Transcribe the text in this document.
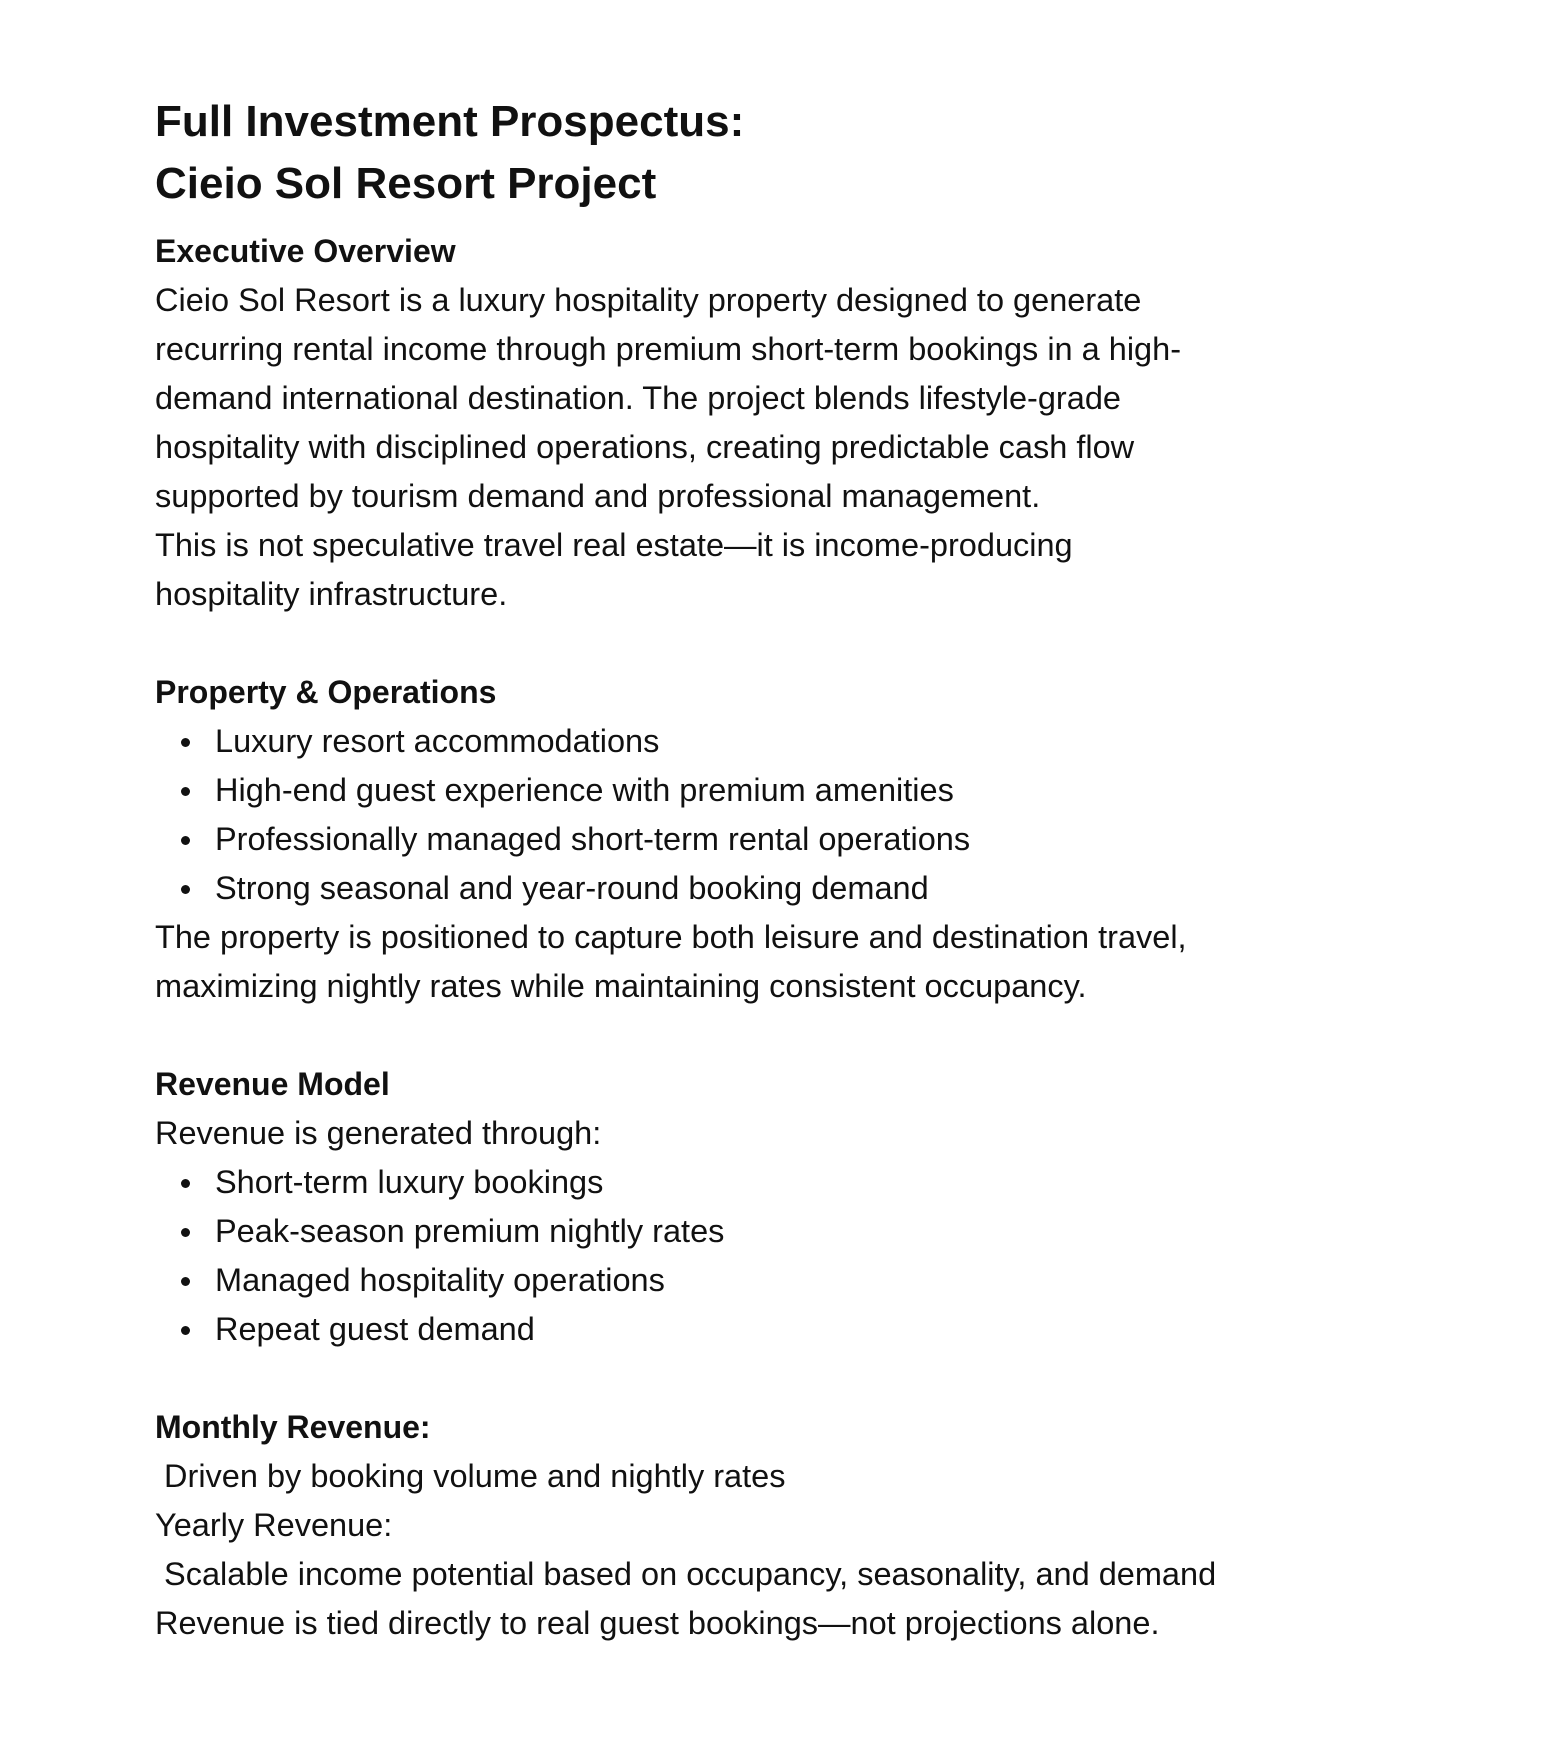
Full Investment Prospectus:
Cieio Sol Resort Project
Executive Overview
Cieio Sol Resort is a luxury hospitality property designed to generate
recurring rental income through premium short-term bookings in a high-
demand international destination. The project blends lifestyle-grade
hospitality with disciplined operations, creating predictable cash flow
supported by tourism demand and professional management.
This is not speculative travel real estate—it is income-producing
hospitality infrastructure.
Property & Operations
Luxury resort accommodations
High-end guest experience with premium amenities
Professionally managed short-term rental operations
Strong seasonal and year-round booking demand
The property is positioned to capture both leisure and destination travel,
maximizing nightly rates while maintaining consistent occupancy.
Revenue Model
Revenue is generated through:
Short-term luxury bookings
Peak-season premium nightly rates
Managed hospitality operations
Repeat guest demand
Monthly Revenue:
Driven by booking volume and nightly rates
Yearly Revenue:
Scalable income potential based on occupancy, seasonality, and demand
Revenue is tied directly to real guest bookings—not projections alone.
